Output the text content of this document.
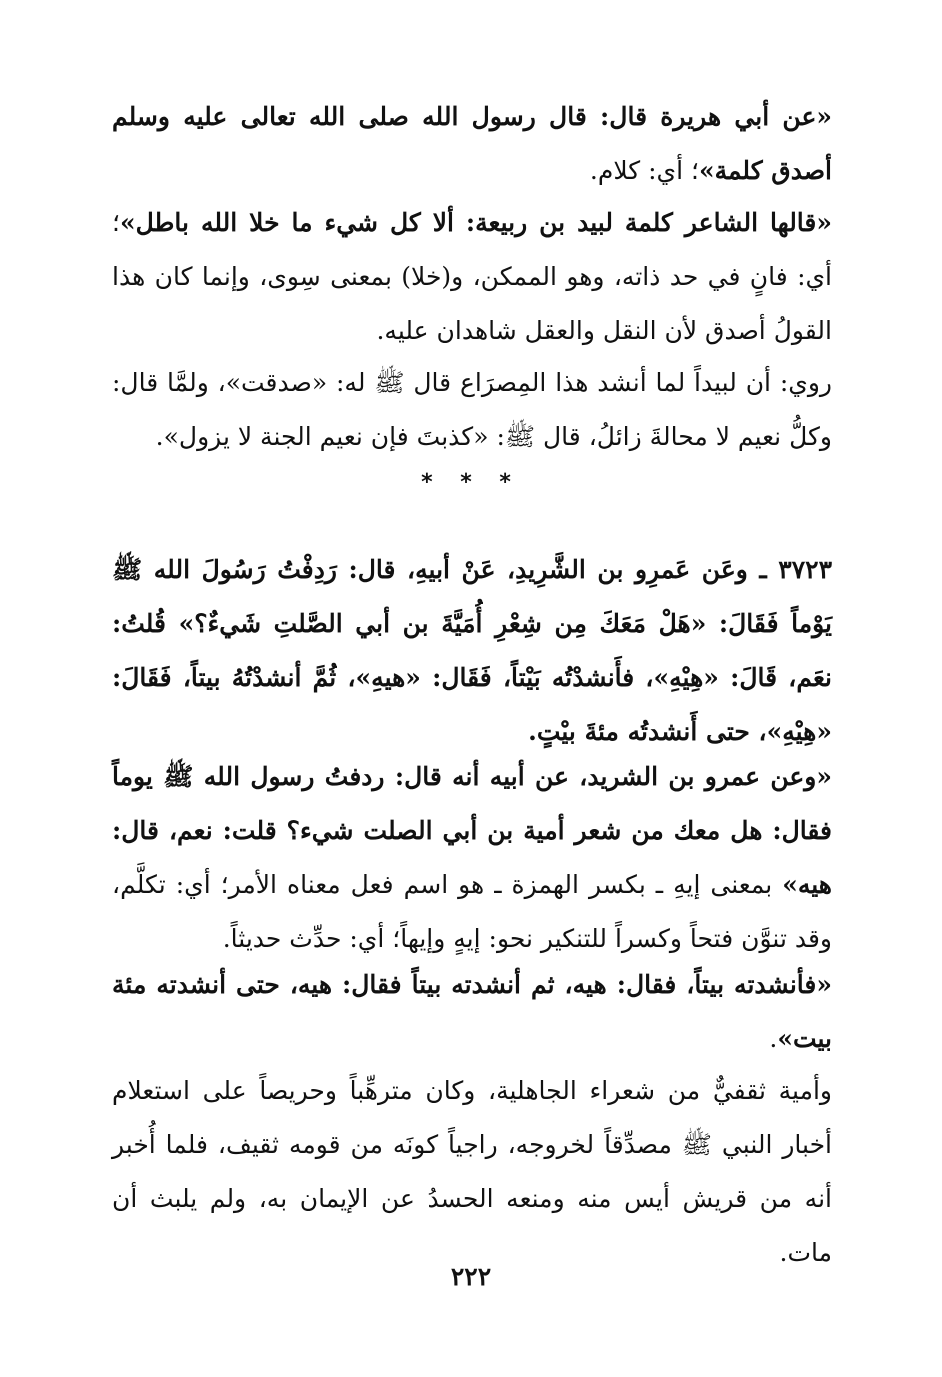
«عن أبي هريرة قال: قال رسول الله صلى الله تعالى عليه وسلم أصدق كلمة»؛ أي: كلام.

«قالها الشاعر كلمة لبيد بن ربيعة: ألا كل شيء ما خلا الله باطل»؛ أي: فانٍ في حد ذاته، وهو الممكن، و(خلا) بمعنى سِوى، وإنما كان هذا القولُ أصدق لأن النقل والعقل شاهدان عليه.

روي: أن لبيداً لما أنشد هذا المِصرَاع قال ﷺ له: «صدقت»، ولمَّا قال: وكلُّ نعيم لا محالةَ زائلُ، قال ﷺ: «كذبتَ فإن نعيم الجنة لا يزول».

* * *

٣٧٢٣ ـ وعَن عَمرِو بن الشَّرِيدِ، عَنْ أبيهِ، قال: رَدِفْتُ رَسُولَ الله ﷺ يَوْماً فَقَالَ: «هَلْ مَعَكَ مِن شِعْرِ أُمَيَّةَ بن أبي الصَّلتِ شَيءٌ؟» قُلتُ: نعَم، قَالَ: «هِيْهِ»، فأَنشدْتُه بَيْتاً، فَقَال: «هيهِ»، ثُمَّ أنشدْتُهُ بيتاً، فَقَالَ: «هِيْهِ»، حتى أَنشدتُه مئةَ بيْتٍ.

«وعن عمرو بن الشريد، عن أبيه أنه قال: ردفتُ رسول الله ﷺ يوماً فقال: هل معك من شعر أمية بن أبي الصلت شيء؟ قلت: نعم، قال: هيه» بمعنى إيهِ ـ بكسر الهمزة ـ هو اسم فعل معناه الأمر؛ أي: تكلَّم، وقد تنوَّن فتحاً وكسراً للتنكير نحو: إيهٍ وإيهاً؛ أي: حدِّث حديثاً.

«فأنشدته بيتاً، فقال: هيه، ثم أنشدته بيتاً فقال: هيه، حتى أنشدته مئة بيت».

وأمية ثقفيٌّ من شعراء الجاهلية، وكان مترهِّباً وحريصاً على استعلام أخبار النبي ﷺ مصدِّقاً لخروجه، راجياً كونَه من قومه ثقيف، فلما أُخبر أنه من قريش أيس منه ومنعه الحسدُ عن الإيمان به، ولم يلبث أن مات.

٢٢٢
